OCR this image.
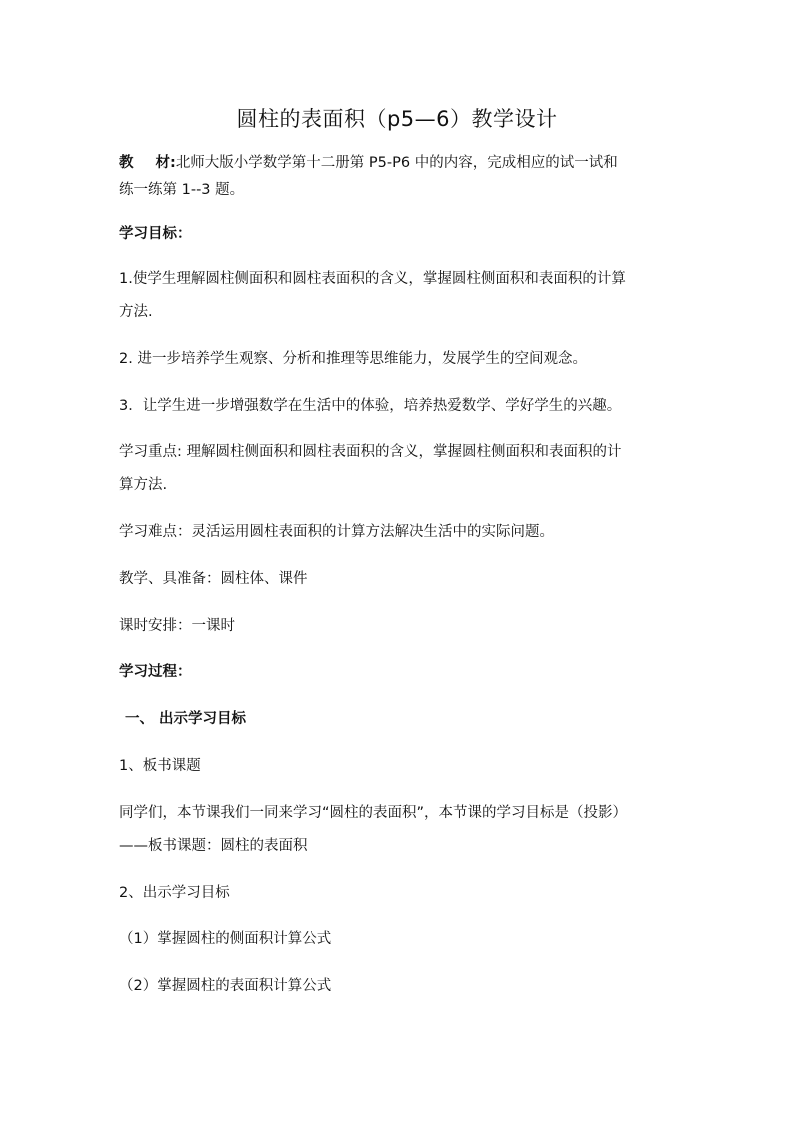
圆柱的表面积（p5—6）教学设计
教 材:北师大版小学数学第十二册第 P5-P6 中的内容，完成相应的试一试和
练一练第 1--3 题。
学习目标：
1.使学生理解圆柱侧面积和圆柱表面积的含义，掌握圆柱侧面积和表面积的计算
方法.
2. 进一步培养学生观察、分析和推理等思维能力，发展学生的空间观念。
3．让学生进一步增强数学在生活中的体验，培养热爱数学、学好学生的兴趣。
学习重点: 理解圆柱侧面积和圆柱表面积的含义，掌握圆柱侧面积和表面积的计
算方法.
学习难点：灵活运用圆柱表面积的计算方法解决生活中的实际问题。
教学、具准备：圆柱体、课件
课时安排：一课时
学习过程：
一、 出示学习目标
1、板书课题
同学们，本节课我们一同来学习“圆柱的表面积”，本节课的学习目标是（投影）
——板书课题：圆柱的表面积
2、出示学习目标
（1）掌握圆柱的侧面积计算公式
（2）掌握圆柱的表面积计算公式
